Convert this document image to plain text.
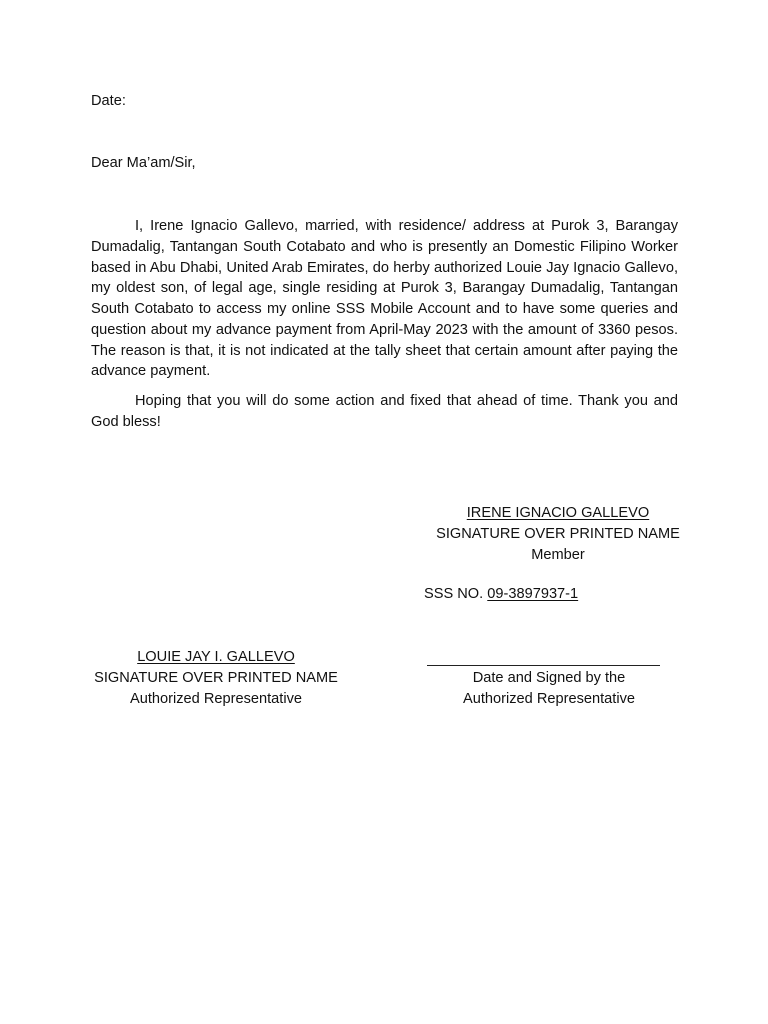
Date:
Dear Ma’am/Sir,

I, Irene Ignacio Gallevo, married, with residence/ address at Purok 3, Barangay Dumadalig, Tantangan South Cotabato and who is presently an Domestic Filipino Worker based in Abu Dhabi, United Arab Emirates, do herby authorized Louie Jay Ignacio Gallevo, my oldest son, of legal age, single residing at Purok 3, Barangay Dumadalig, Tantangan South Cotabato to access my online SSS Mobile Account and to have some queries and question about my advance payment from April-May 2023 with the amount of 3360 pesos. The reason is that, it is not indicated at the tally sheet that certain amount after paying the advance payment.

Hoping that you will do some action and fixed that ahead of time. Thank you and God bless!

IRENE IGNACIO GALLEVO
SIGNATURE OVER PRINTED NAME
Member
SSS NO. 09-3897937-1
LOUIE JAY I. GALLEVO
SIGNATURE OVER PRINTED NAME
Authorized Representative
Date and Signed by the
Authorized Representative
